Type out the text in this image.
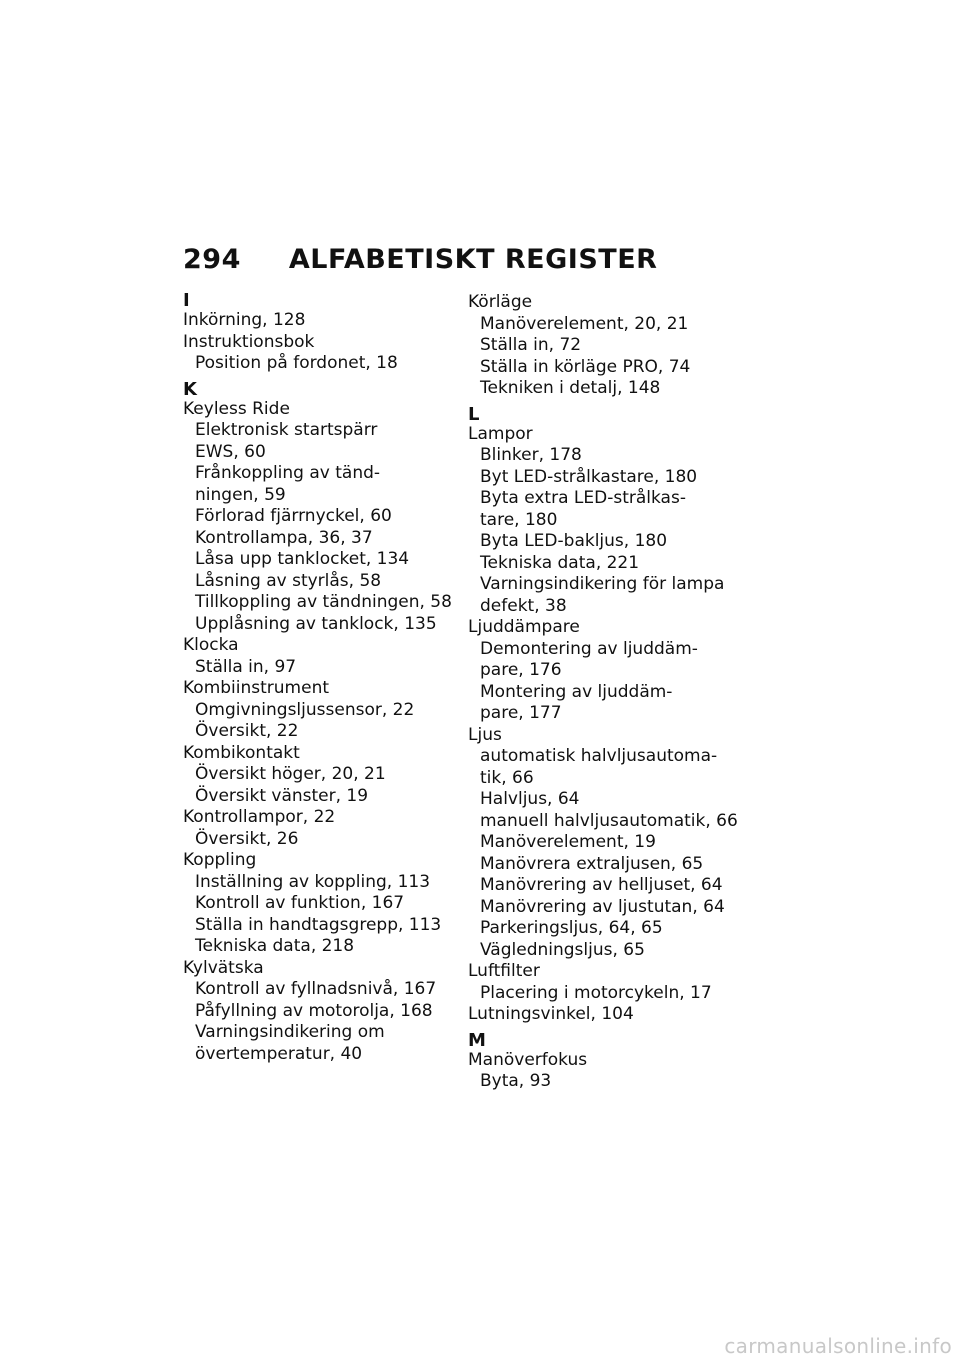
294 ALFABETISKT REGISTER
I
Inkörning, 128
Instruktionsbok
Position på fordonet, 18
K
Keyless Ride
Elektronisk startspärr
EWS, 60
Frånkoppling av tänd-
ningen, 59
Förlorad fjärrnyckel, 60
Kontrollampa, 36, 37
Låsa upp tanklocket, 134
Låsning av styrlås, 58
Tillkoppling av tändningen, 58
Upplåsning av tanklock, 135
Klocka
Ställa in, 97
Kombiinstrument
Omgivningsljussensor, 22
Översikt, 22
Kombikontakt
Översikt höger, 20, 21
Översikt vänster, 19
Kontrollampor, 22
Översikt, 26
Koppling
Inställning av koppling, 113
Kontroll av funktion, 167
Ställa in handtagsgrepp, 113
Tekniska data, 218
Kylvätska
Kontroll av fyllnadsnivå, 167
Påfyllning av motorolja, 168
Varningsindikering om
övertemperatur, 40
Körläge
Manöverelement, 20, 21
Ställa in, 72
Ställa in körläge PRO, 74
Tekniken i detalj, 148
L
Lampor
Blinker, 178
Byt LED-strålkastare, 180
Byta extra LED-strålkas-
tare, 180
Byta LED-bakljus, 180
Tekniska data, 221
Varningsindikering för lampa
defekt, 38
Ljuddämpare
Demontering av ljuddäm-
pare, 176
Montering av ljuddäm-
pare, 177
Ljus
automatisk halvljusautoma-
tik, 66
Halvljus, 64
manuell halvljusautomatik, 66
Manöverelement, 19
Manövrera extraljusen, 65
Manövrering av helljuset, 64
Manövrering av ljustutan, 64
Parkeringsljus, 64, 65
Vägledningsljus, 65
Luftfilter
Placering i motorcykeln, 17
Lutningsvinkel, 104
M
Manöverfokus
Byta, 93
carmanualsonline.info
